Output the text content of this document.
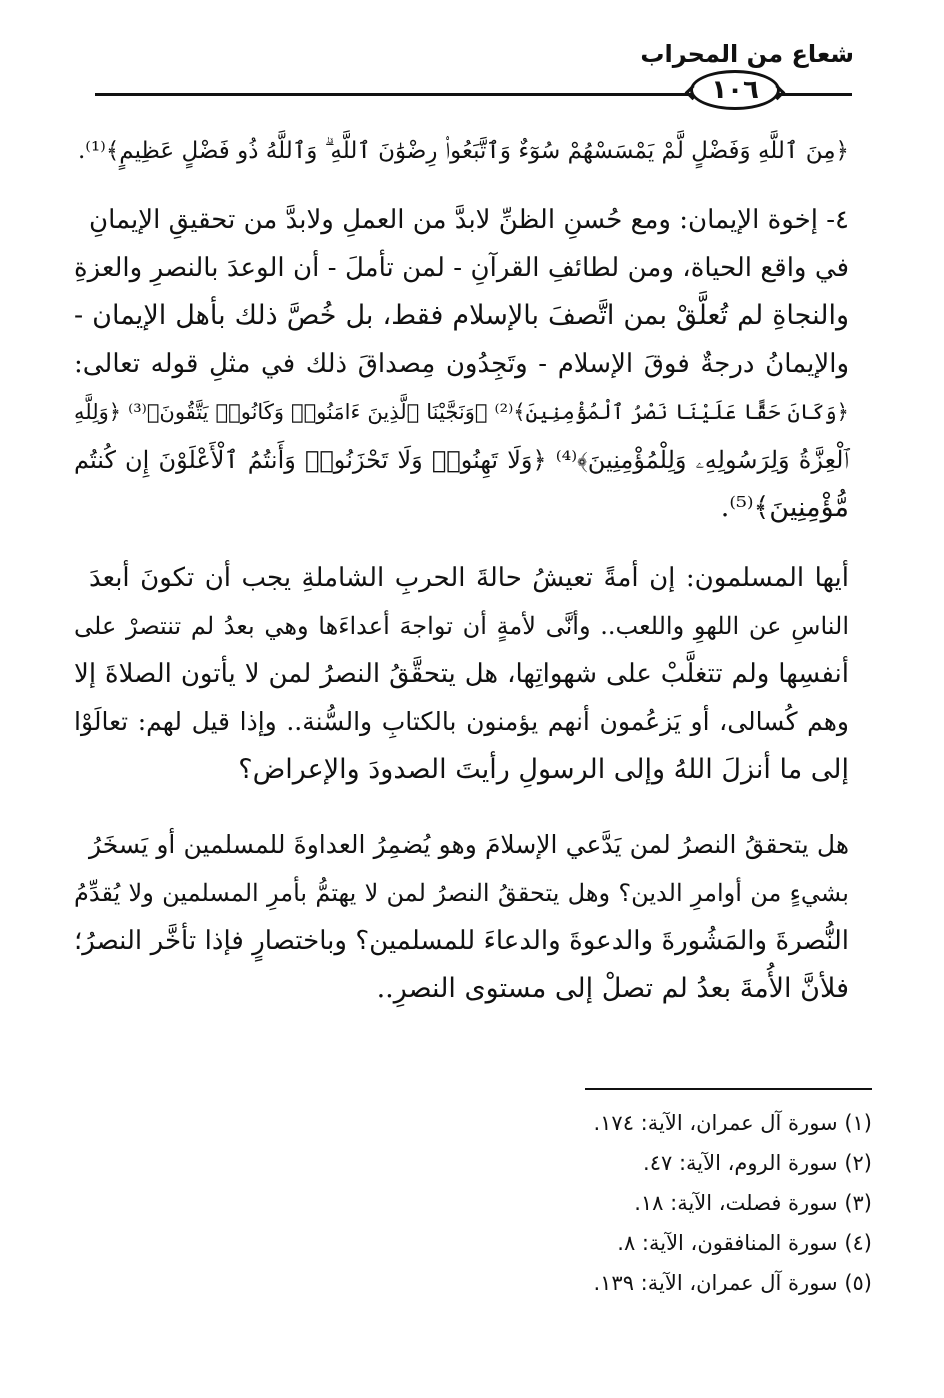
شعاع من المحراب
١٠٦
﴿مِنَ ٱللَّهِ وَفَضْلٍ لَّمْ يَمْسَسْهُمْ سُوٓءٌ وَٱتَّبَعُوا۟ رِضْوَٰنَ ٱللَّهِ ۗ وَٱللَّهُ ذُو فَضْلٍ عَظِيمٍ﴾⁽¹⁾.
٤- إخوة الإيمان: ومع حُسنِ الظنِّ لابدَّ من العملِ ولابدَّ من تحقيقِ الإيمانِ
في واقع الحياة، ومن لطائفِ القرآنِ - لمن تأملَ - أن الوعدَ بالنصرِ والعزةِ
والنجاةِ لم تُعلَّقْ بمن اتَّصفَ بالإسلام فقط، بل خُصَّ ذلك بأهل الإيمان -
والإيمانُ درجةٌ فوقَ الإسلام - وتَجِدُون مِصداقَ ذلك في مثلِ قوله تعالى:
﴿وَكَانَ حَقًّا عَلَيْنَا نَصْرُ ٱلْمُؤْمِنِينَ﴾⁽²⁾ ﴿وَنَجَّيْنَا ٱلَّذِينَ ءَامَنُوا۟ وَكَانُوا۟ يَتَّقُونَ﴾⁽³⁾ ﴿وَلِلَّهِ
ٱلْعِزَّةُ وَلِرَسُولِهِۦ وَلِلْمُؤْمِنِينَ﴾⁽⁴⁾ ﴿وَلَا تَهِنُوا۟ وَلَا تَحْزَنُوا۟ وَأَنتُمُ ٱلْأَعْلَوْنَ إِن كُنتُم
مُّؤْمِنِينَ﴾⁽⁵⁾.
أيها المسلمون: إن أمةً تعيشُ حالةَ الحربِ الشاملةِ يجب أن تكونَ أبعدَ
الناسِ عن اللهوِ واللعب.. وأنَّى لأمةٍ أن تواجهَ أعداءَها وهي بعدُ لم تنتصرْ على
أنفسِها ولم تتغلَّبْ على شهواتِها، هل يتحقَّقُ النصرُ لمن لا يأتون الصلاةَ إلا
وهم كُسالى، أو يَزعُمون أنهم يؤمنون بالكتابِ والسُّنة.. وإذا قيل لهم: تعالَوْا
إلى ما أنزلَ اللهُ وإلى الرسولِ رأيتَ الصدودَ والإعراض؟
هل يتحققُ النصرُ لمن يَدَّعي الإسلامَ وهو يُضمِرُ العداوةَ للمسلمين أو يَسخَرُ
بشيءٍ من أوامرِ الدين؟ وهل يتحققُ النصرُ لمن لا يهتمُّ بأمرِ المسلمين ولا يُقدِّمُ
النُّصرةَ والمَشُورةَ والدعوةَ والدعاءَ للمسلمين؟ وباختصارٍ فإذا تأخَّر النصرُ؛
فلأنَّ الأُمةَ بعدُ لم تصلْ إلى مستوى النصرِ..
(١) سورة آل عمران، الآية: ١٧٤.
(٢) سورة الروم، الآية: ٤٧.
(٣) سورة فصلت، الآية: ١٨.
(٤) سورة المنافقون، الآية: ٨.
(٥) سورة آل عمران، الآية: ١٣٩.
